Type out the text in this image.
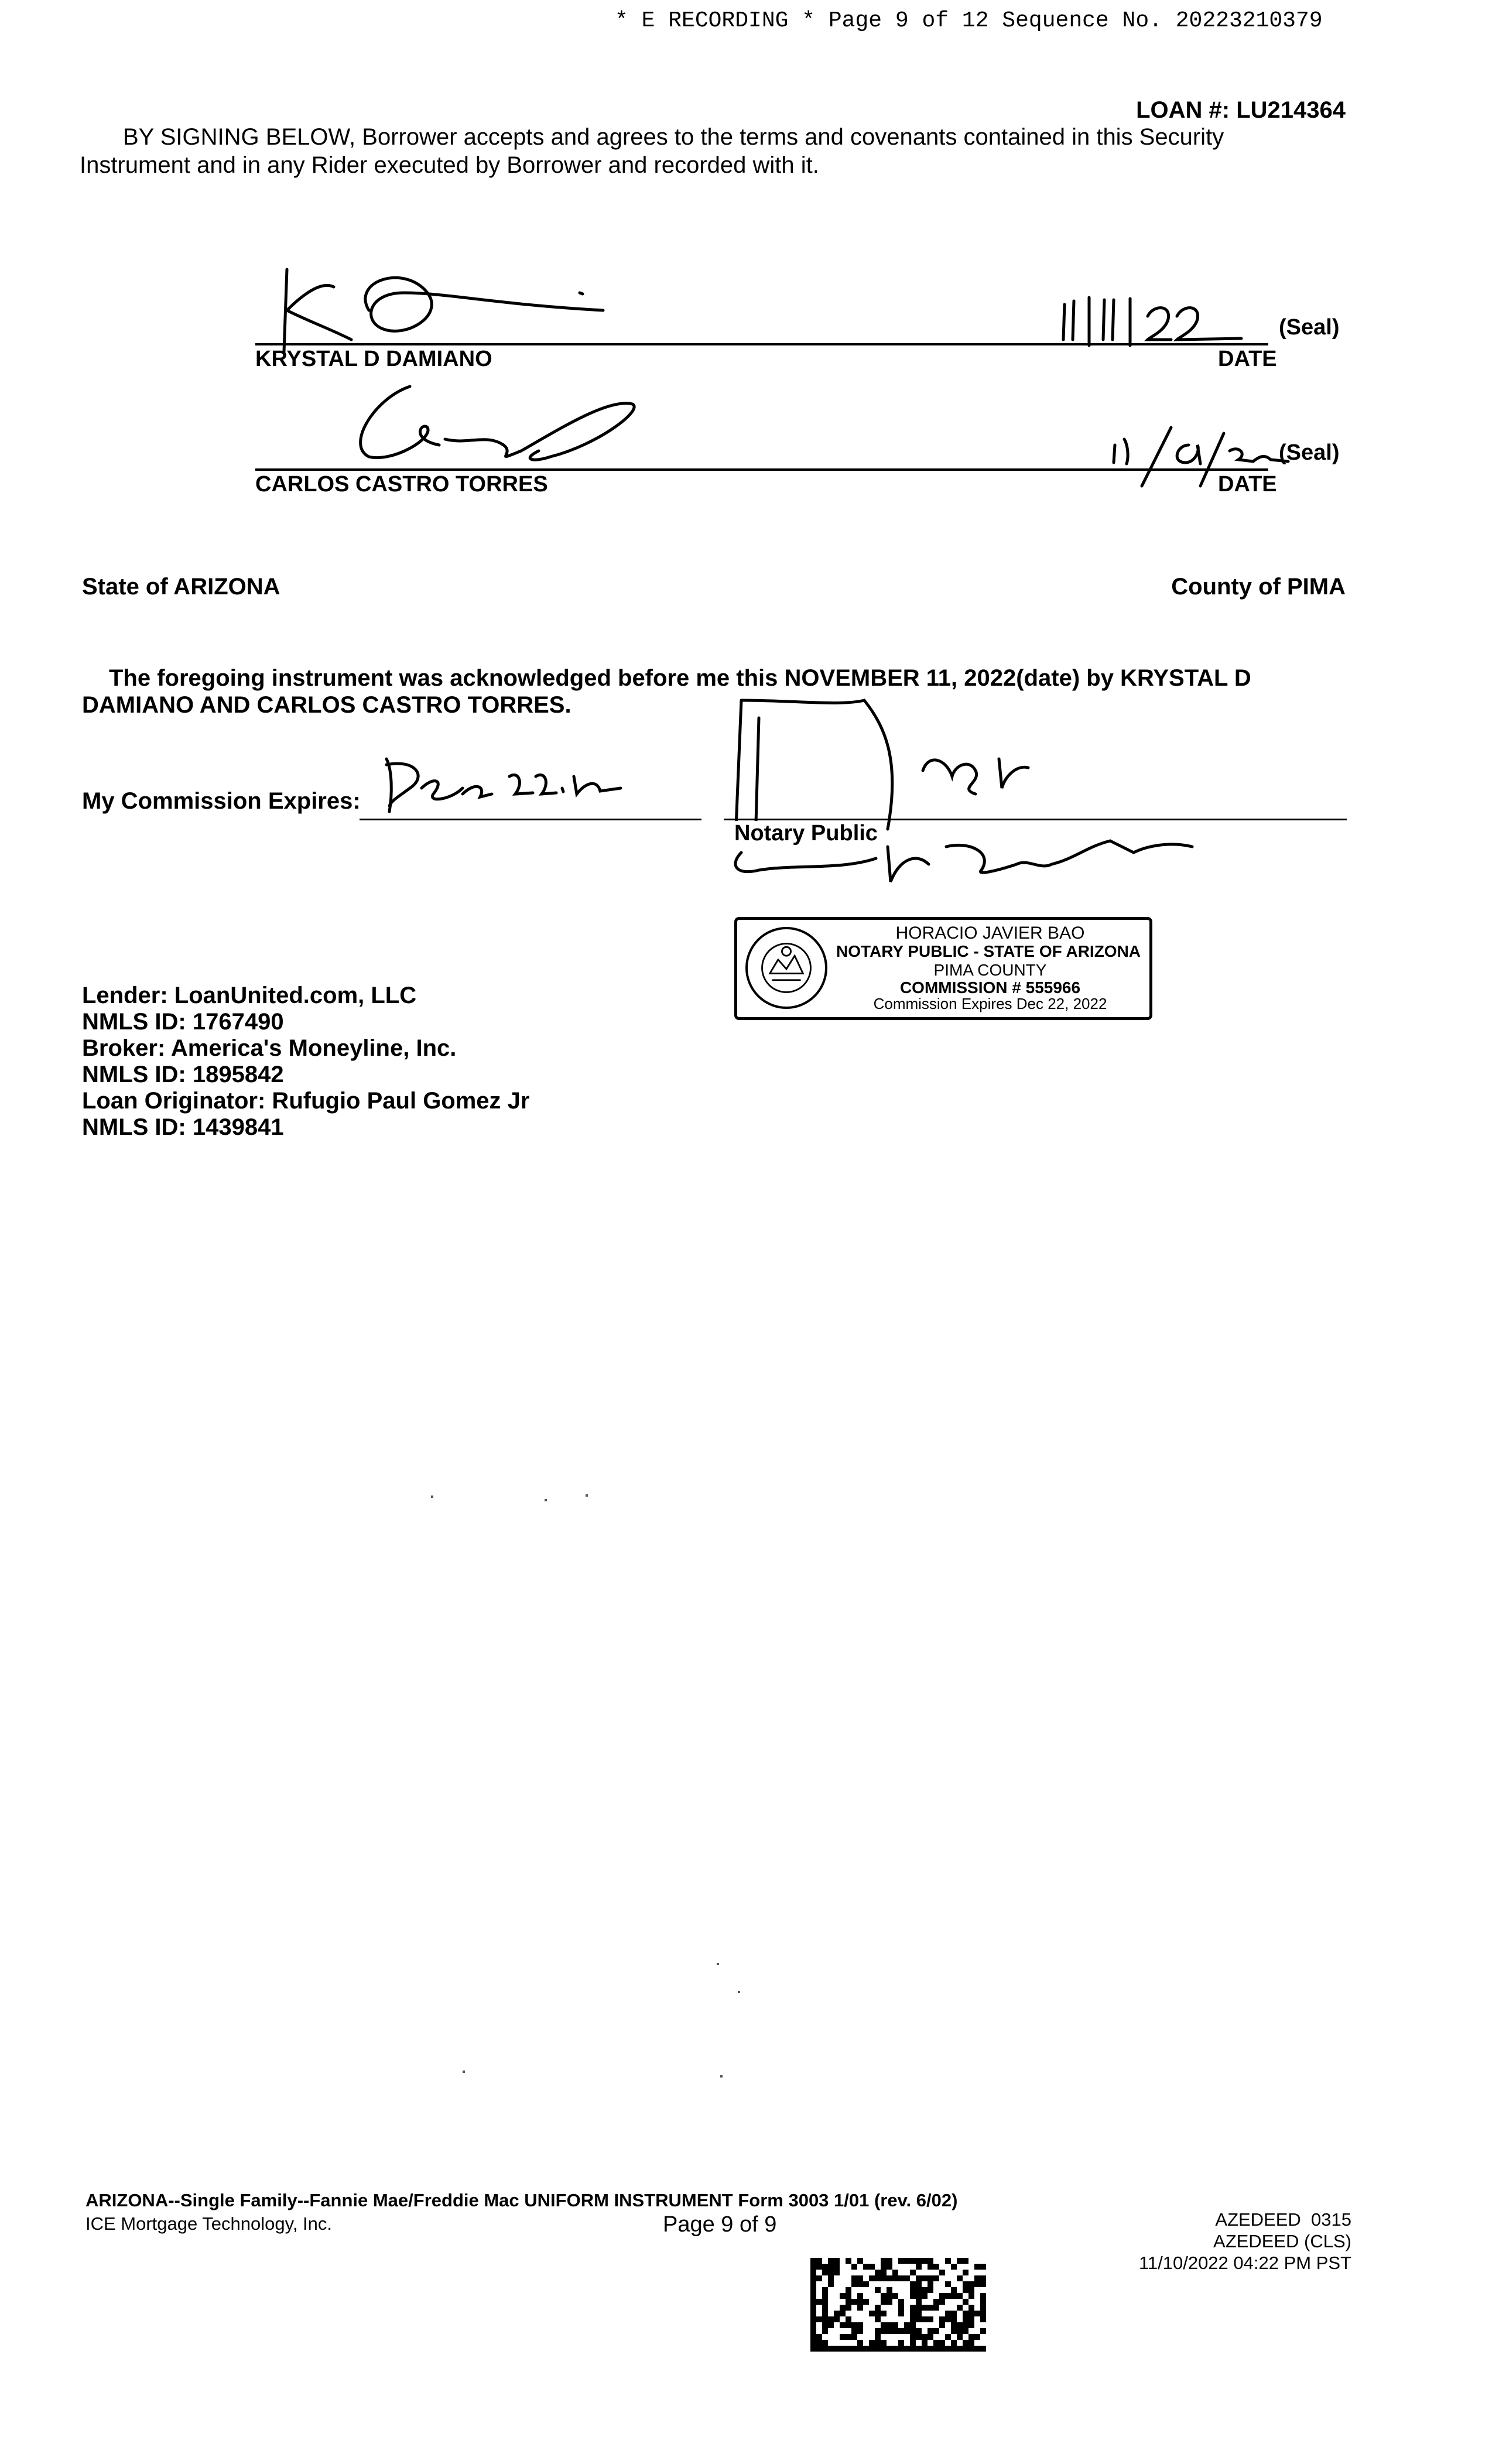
* E RECORDING * Page 9 of 12 Sequence No. 20223210379
LOAN #: LU214364
BY SIGNING BELOW, Borrower accepts and agrees to the terms and covenants contained in this Security
Instrument and in any Rider executed by Borrower and recorded with it.
KRYSTAL D DAMIANO
(Seal)
DATE
CARLOS CASTRO TORRES
(Seal)
DATE
State of ARIZONA	County of PIMA
The foregoing instrument was acknowledged before me this NOVEMBER 11, 2022(date) by KRYSTAL D
DAMIANO AND CARLOS CASTRO TORRES.
My Commission Expires:
Notary Public
HORACIO JAVIER BAO
NOTARY PUBLIC - STATE OF ARIZONA
PIMA COUNTY
COMMISSION # 555966
Commission Expires Dec 22, 2022
Lender: LoanUnited.com, LLC
NMLS ID: 1767490
Broker: America's Moneyline, Inc.
NMLS ID: 1895842
Loan Originator: Rufugio Paul Gomez Jr
NMLS ID: 1439841
ARIZONA--Single Family--Fannie Mae/Freddie Mac UNIFORM INSTRUMENT Form 3003 1/01 (rev. 6/02)
ICE Mortgage Technology, Inc.	Page 9 of 9	AZEDEED  0315
AZEDEED (CLS)
11/10/2022 04:22 PM PST
